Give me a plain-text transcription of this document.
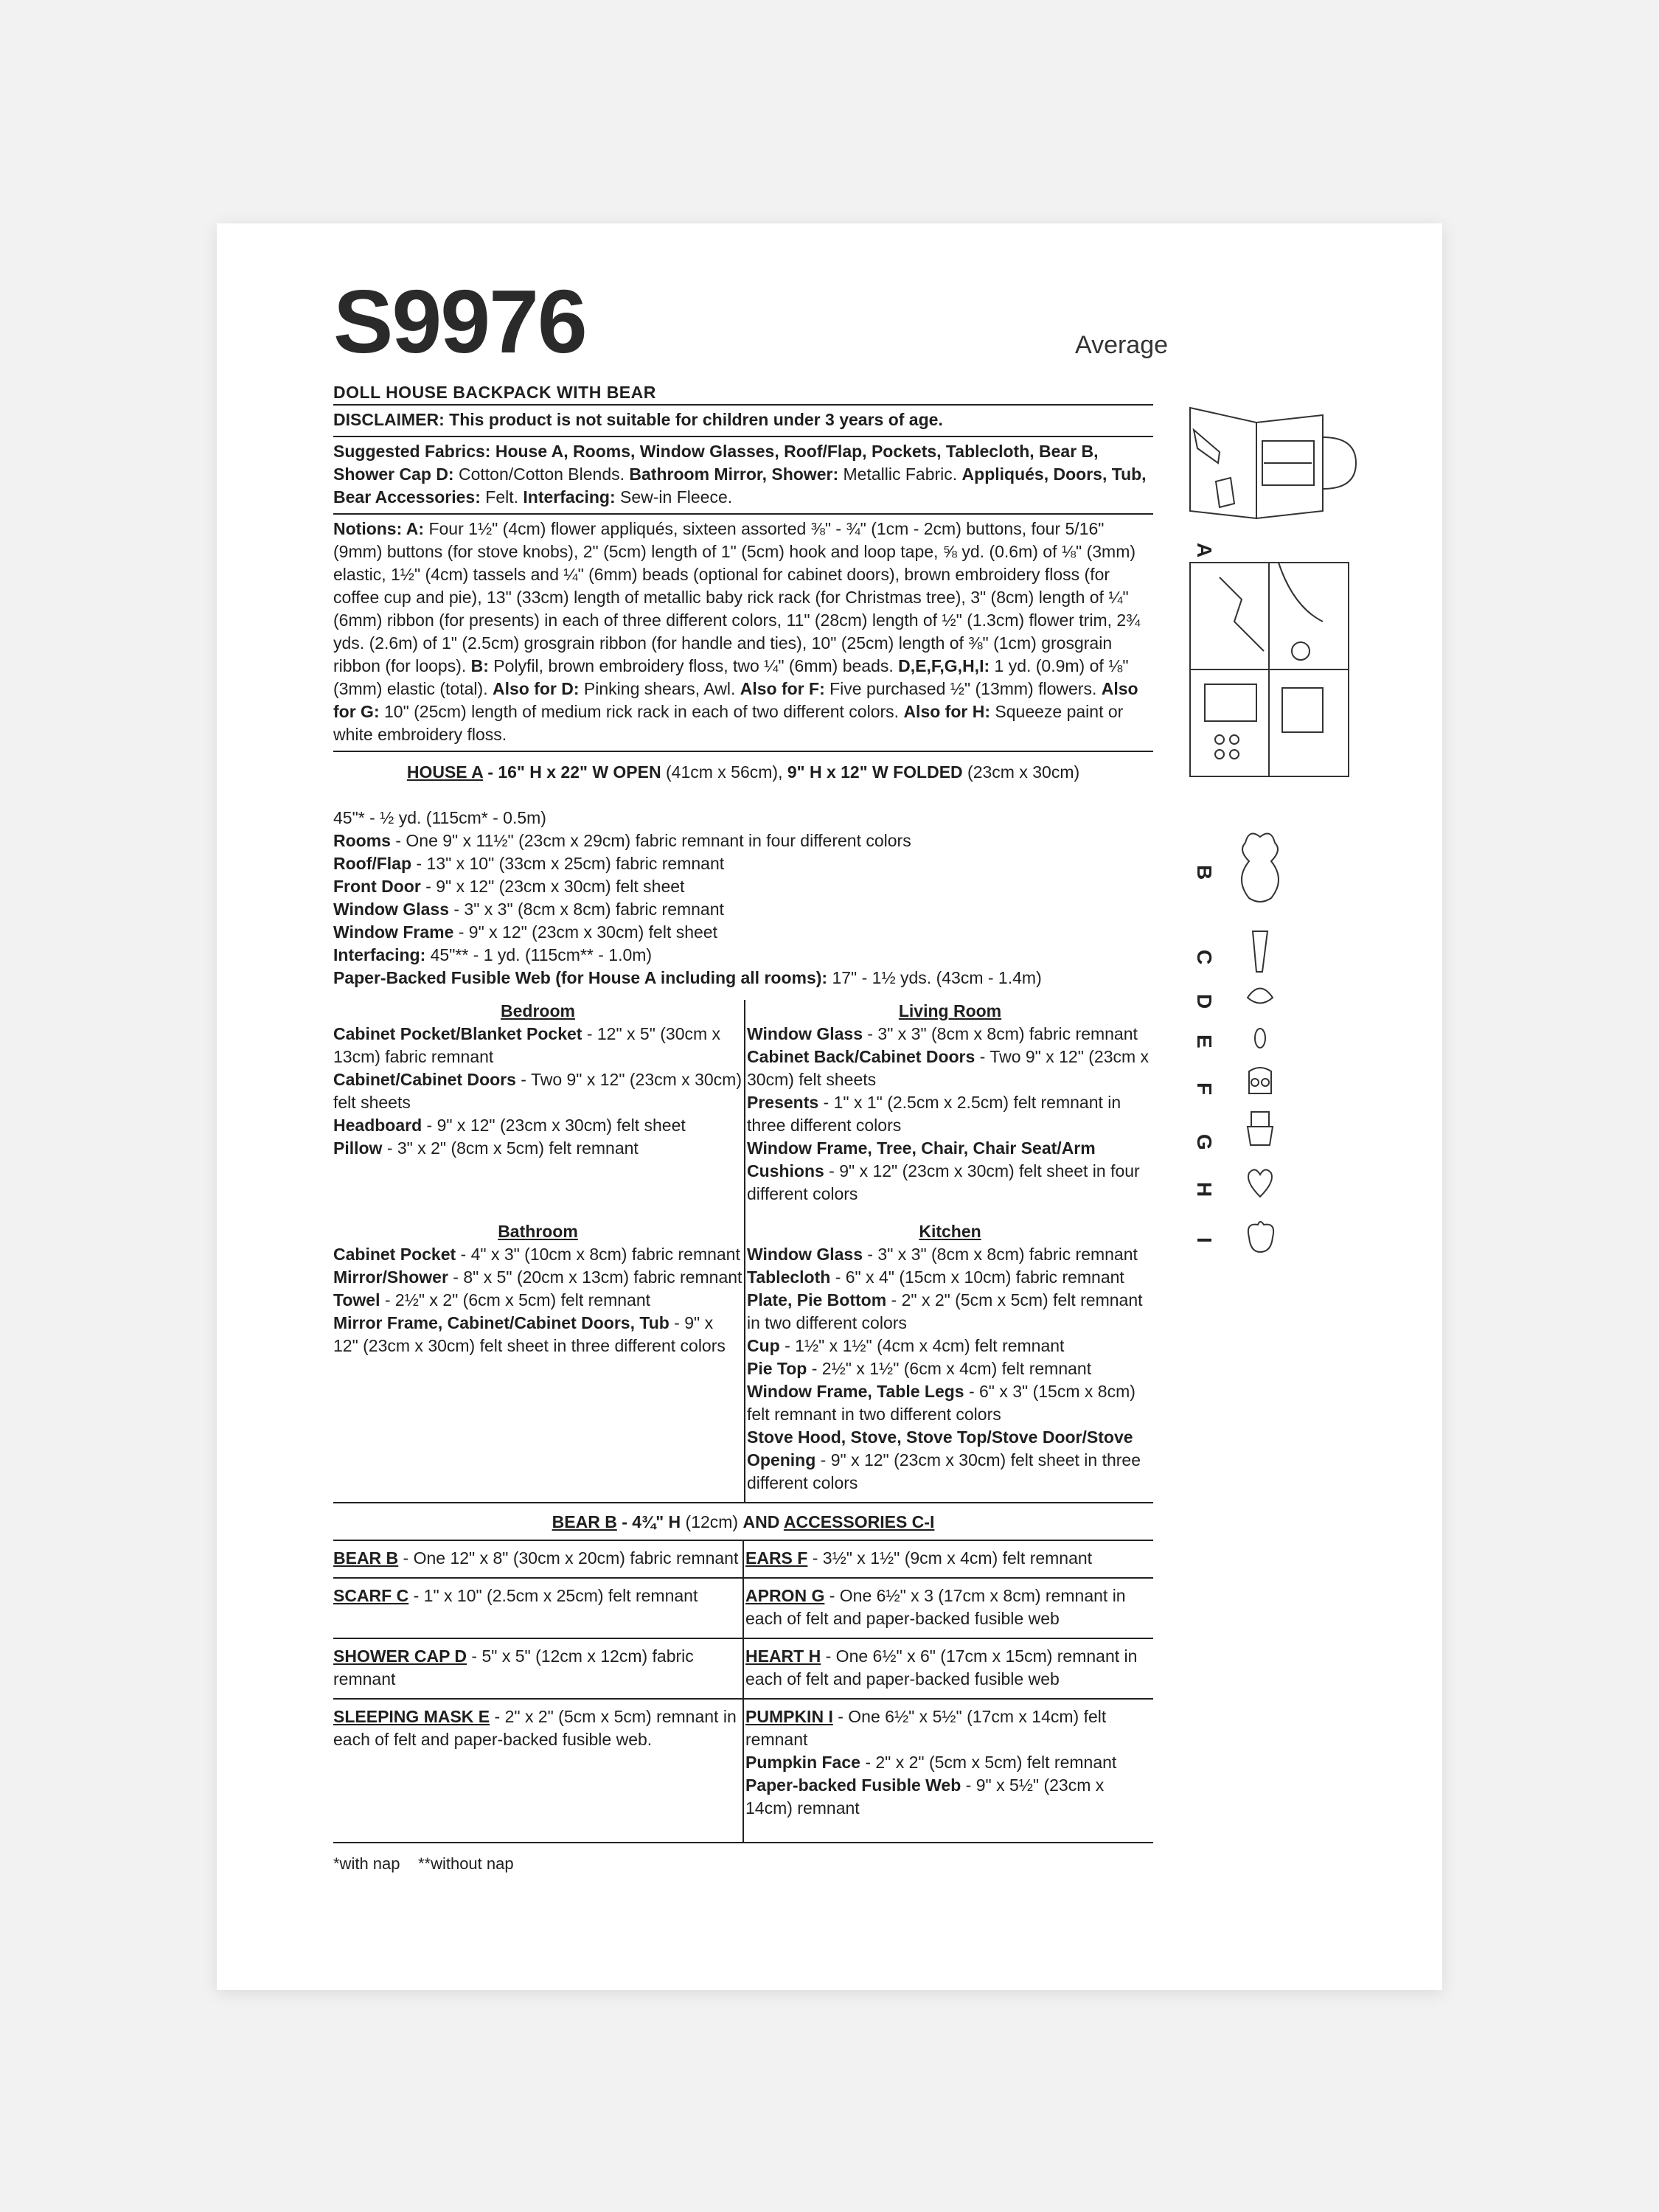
Average
S9976
DOLL HOUSE BACKPACK WITH BEAR
DISCLAIMER: This product is not suitable for children under 3 years of age.
Suggested Fabrics: House A, Rooms, Window Glasses, Roof/Flap, Pockets, Tablecloth, Bear B, Shower Cap D: Cotton/Cotton Blends. Bathroom Mirror, Shower: Metallic Fabric. Appliqués, Doors, Tub, Bear Accessories: Felt. Interfacing: Sew-in Fleece.
Notions: A: Four 1½" (4cm) flower appliqués, sixteen assorted ⅜" - ¾" (1cm - 2cm) buttons, four 5/16" (9mm) buttons (for stove knobs), 2" (5cm) length of 1" (5cm) hook and loop tape, ⅝ yd. (0.6m) of ⅛" (3mm) elastic, 1½" (4cm) tassels and ¼" (6mm) beads (optional for cabinet doors), brown embroidery floss (for coffee cup and pie), 13" (33cm) length of metallic baby rick rack (for Christmas tree), 3" (8cm) length of ¼" (6mm) ribbon (for presents) in each of three different colors, 11" (28cm) length of ½" (1.3cm) flower trim, 2¾ yds. (2.6m) of 1" (2.5cm) grosgrain ribbon (for handle and ties), 10" (25cm) length of ⅜" (1cm) grosgrain ribbon (for loops). B: Polyfil, brown embroidery floss, two ¼" (6mm) beads. D,E,F,G,H,I: 1 yd. (0.9m) of ⅛" (3mm) elastic (total). Also for D: Pinking shears, Awl. Also for F: Five purchased ½" (13mm) flowers. Also for G: 10" (25cm) length of medium rick rack in each of two different colors. Also for H: Squeeze paint or white embroidery floss.
HOUSE A - 16" H x 22" W OPEN (41cm x 56cm), 9" H x 12" W FOLDED (23cm x 30cm)
45"* - ½ yd. (115cm* - 0.5m)
Rooms - One 9" x 11½" (23cm x 29cm) fabric remnant in four different colors
Roof/Flap - 13" x 10" (33cm x 25cm) fabric remnant
Front Door - 9" x 12" (23cm x 30cm) felt sheet
Window Glass - 3" x 3" (8cm x 8cm) fabric remnant
Window Frame - 9" x 12" (23cm x 30cm) felt sheet
Interfacing: 45"** - 1 yd. (115cm** - 1.0m)
Paper-Backed Fusible Web (for House A including all rooms): 17" - 1½ yds. (43cm - 1.4m)
Bedroom
Cabinet Pocket/Blanket Pocket - 12" x 5" (30cm x 13cm) fabric remnant
Cabinet/Cabinet Doors - Two 9" x 12" (23cm x 30cm) felt sheets
Headboard - 9" x 12" (23cm x 30cm) felt sheet
Pillow - 3" x 2" (8cm x 5cm) felt remnant
Living Room
Window Glass - 3" x 3" (8cm x 8cm) fabric remnant
Cabinet Back/Cabinet Doors - Two 9" x 12" (23cm x 30cm) felt sheets
Presents - 1" x 1" (2.5cm x 2.5cm) felt remnant in three different colors
Window Frame, Tree, Chair, Chair Seat/Arm Cushions - 9" x 12" (23cm x 30cm) felt sheet in four different colors
Bathroom
Cabinet Pocket - 4" x 3" (10cm x 8cm) fabric remnant
Mirror/Shower - 8" x 5" (20cm x 13cm) fabric remnant
Towel - 2½" x 2" (6cm x 5cm) felt remnant
Mirror Frame, Cabinet/Cabinet Doors, Tub - 9" x 12" (23cm x 30cm) felt sheet in three different colors
Kitchen
Window Glass - 3" x 3" (8cm x 8cm) fabric remnant
Tablecloth - 6" x 4" (15cm x 10cm) fabric remnant
Plate, Pie Bottom - 2" x 2" (5cm x 5cm) felt remnant in two different colors
Cup - 1½" x 1½" (4cm x 4cm) felt remnant
Pie Top - 2½" x 1½" (6cm x 4cm) felt remnant
Window Frame, Table Legs - 6" x 3" (15cm x 8cm) felt remnant in two different colors
Stove Hood, Stove, Stove Top/Stove Door/Stove Opening - 9" x 12" (23cm x 30cm) felt sheet in three different colors
BEAR B - 4¾" H (12cm) AND ACCESSORIES C-I
BEAR B - One 12" x 8" (30cm x 20cm) fabric remnant EARS F - 3½" x 1½" (9cm x 4cm) felt remnant
SCARF C - 1" x 10" (2.5cm x 25cm) felt remnant	APRON G - One 6½" x 3 (17cm x 8cm) remnant in each of felt and paper-backed fusible web
SHOWER CAP D - 5" x 5" (12cm x 12cm) fabric remnant
HEART H - One 6½" x 6" (17cm x 15cm) remnant in each of felt and paper-backed fusible web
SLEEPING MASK E - 2" x 2" (5cm x 5cm) remnant in each of felt and paper-backed fusible web.
PUMPKIN I - One 6½" x 5½" (17cm x 14cm) felt remnant
Pumpkin Face - 2" x 2" (5cm x 5cm) felt remnant
Paper-backed Fusible Web - 9" x 5½" (23cm x 14cm) remnant
*with nap    **without nap
A
B
C
D
E
F
G
H
I
